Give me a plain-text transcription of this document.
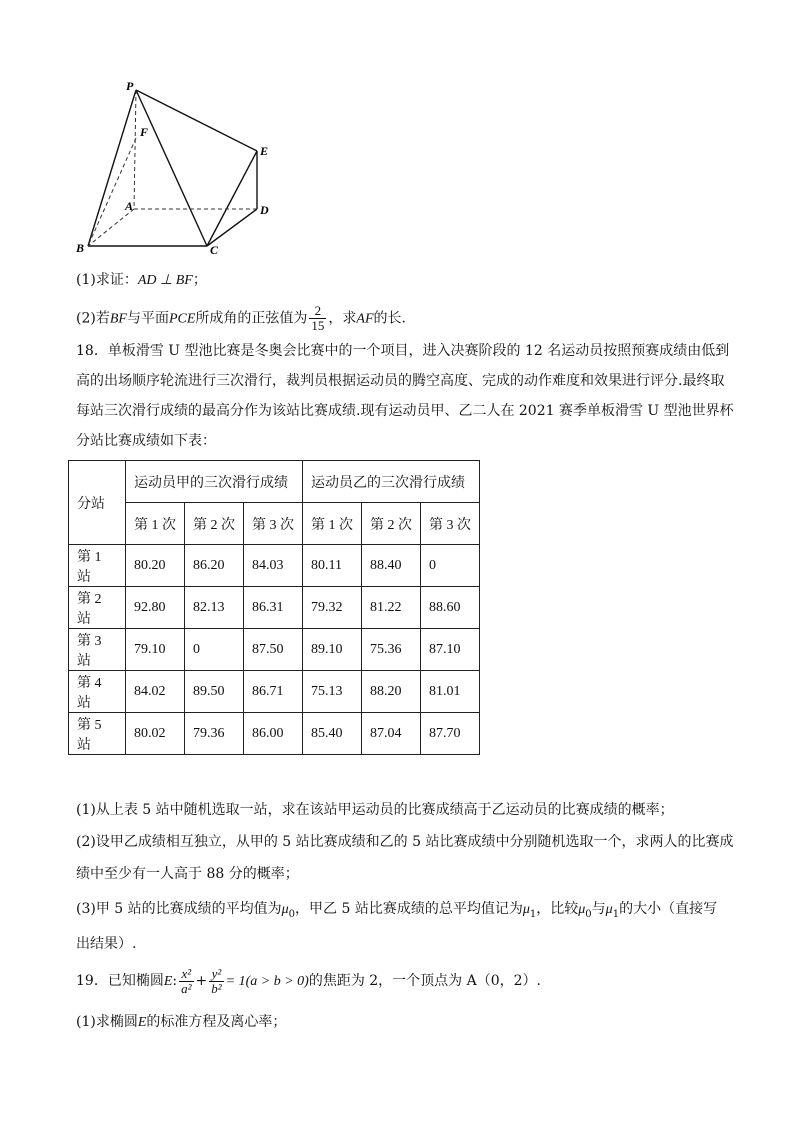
P
F
E
A	D
B	C
(1)求证：AD ⊥ BF；
(2)若BF与平面PCE所成角的正弦值为 $\frac{2}{15}$ ，求AF的长.
18．单板滑雪 U 型池比赛是冬奥会比赛中的一个项目，进入决赛阶段的 12 名运动员按照预赛成绩由低到
高的出场顺序轮流进行三次滑行，裁判员根据运动员的腾空高度、完成的动作难度和效果进行评分.最终取
每站三次滑行成绩的最高分作为该站比赛成绩.现有运动员甲、乙二人在 2021 赛季单板滑雪 U 型池世界杯
分站比赛成绩如下表：
分站	运动员甲的三次滑行成绩			运动员乙的三次滑行成绩		
	第 1 次	第 2 次	第 3 次	第 1 次	第 2 次	第 3 次
第 1 站	80.20	86.20	84.03	80.11	88.40	0
第 2 站	92.80	82.13	86.31	79.32	81.22	88.60
第 3 站	79.10	0	87.50	89.10	75.36	87.10
第 4 站	84.02	89.50	86.71	75.13	88.20	81.01
第 5 站	80.02	79.36	86.00	85.40	87.04	87.70
(1)从上表 5 站中随机选取一站，求在该站甲运动员的比赛成绩高于乙运动员的比赛成绩的概率；
(2)设甲乙成绩相互独立，从甲的 5 站比赛成绩和乙的 5 站比赛成绩中分别随机选取一个，求两人的比赛成
绩中至少有一人高于 88 分的概率；
(3)甲 5 站的比赛成绩的平均值为$\mu_0$，甲乙 5 站比赛成绩的总平均值记为$\mu_1$，比较$\mu_0$与$\mu_1$的大小（直接写
出结果）.
19．已知椭圆E: $\frac{\text{x²}}{\text{a²}} + \frac{\text{y²}}{\text{b²}} = 1(a > b > 0)$的焦距为 2，一个顶点为 A（0，2）.
(1)求椭圆E的标准方程及离心率；
